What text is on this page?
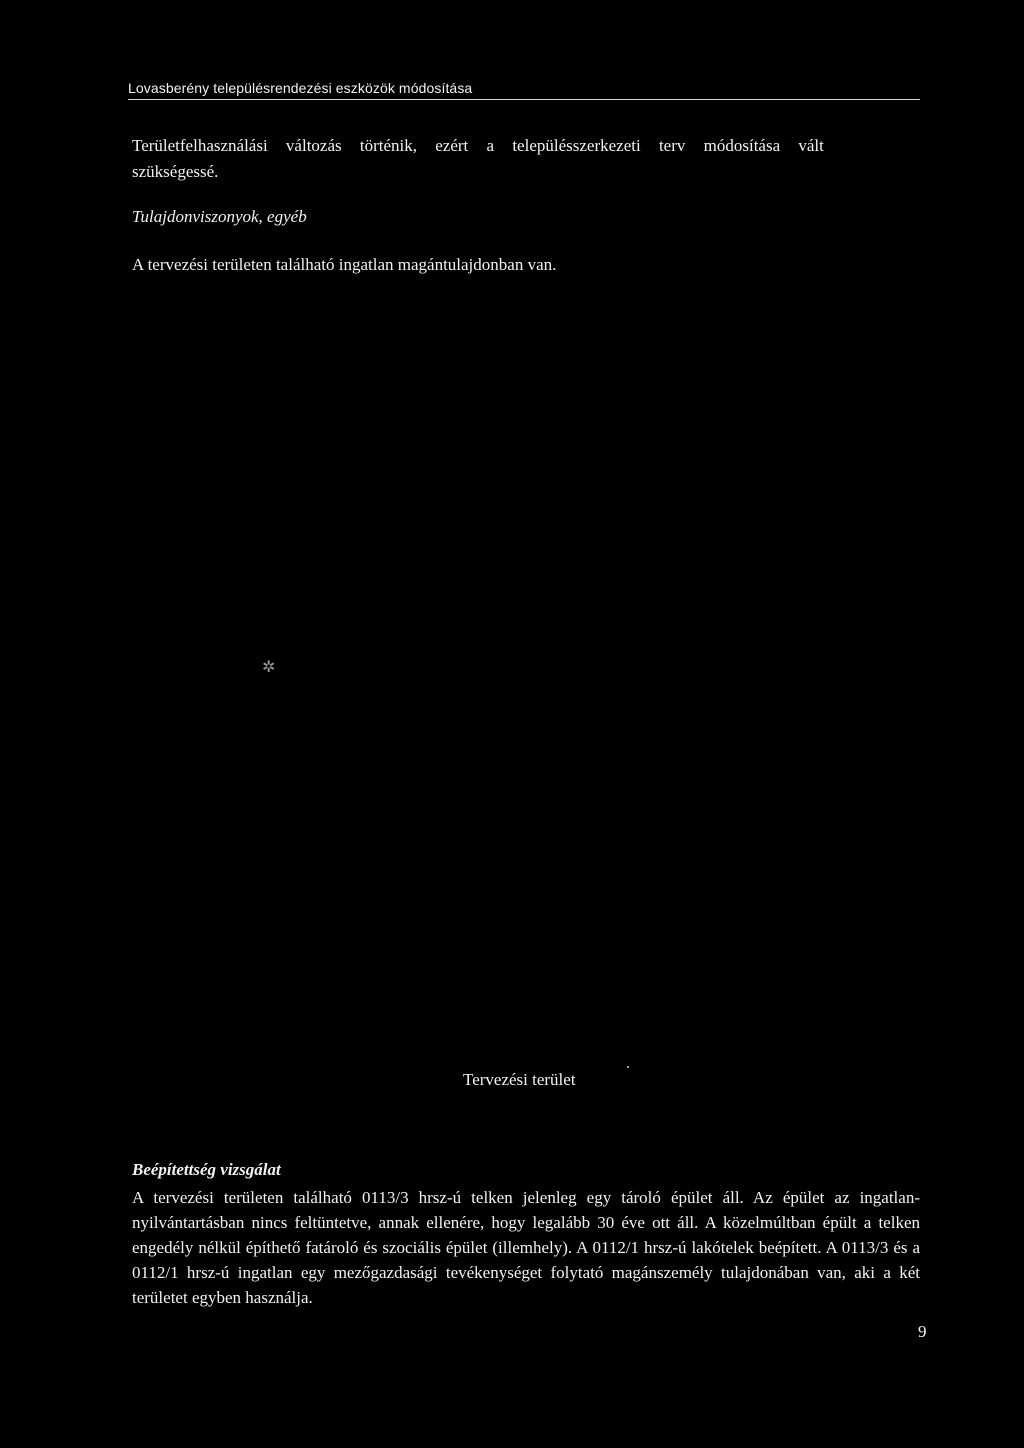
Lovasberény településrendezési eszközök módosítása
Területfelhasználási változás történik, ezért a településszerkezeti terv módosítása vált
szükségessé.
Tulajdonviszonyok, egyéb
A tervezési területen található ingatlan magántulajdonban van.
✲
Tervezési terület
Beépítettség vizsgálat
A tervezési területen található 0113/3 hrsz-ú telken jelenleg egy tároló épület áll. Az épület az ingatlan-nyilvántartásban nincs feltüntetve, annak ellenére, hogy legalább 30 éve ott áll. A közelmúltban épült a telken engedély nélkül építhető fatároló és szociális épület (illemhely). A 0112/1 hrsz-ú lakótelek beépített. A 0113/3 és a 0112/1 hrsz-ú ingatlan egy mezőgazdasági tevékenységet folytató magánszemély tulajdonában van, aki a két területet egyben használja.
9
